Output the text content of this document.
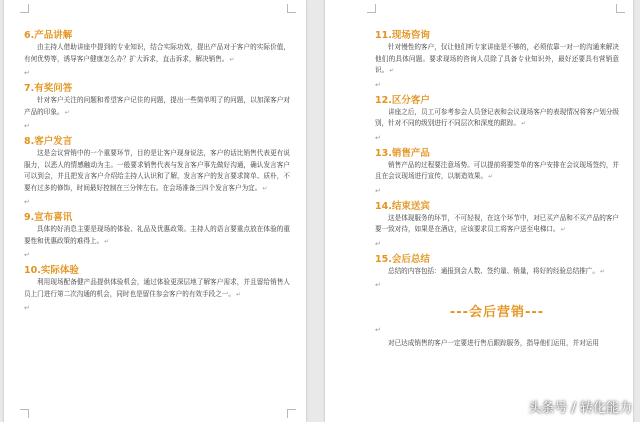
6.产品讲解

由主持人借助讲座中提到的专业知识，结合实际功效，提出产品对于客户的实际价值，有何优势等，诱导客户健康怎么办？扩大诉求，直击诉求，解决销售。↵

↵
7.有奖问答

针对客户关注的问题和希望客户记住的问题，提出一些简单明了的问题，以加深客户对产品的印象。↵

↵
8.客户发言

这是会议营销中的一个重要环节，目的是让客户现身说法，客户的话比销售代表更有说服力，以恶人的情感触动为主。一般要求销售代表与发言客户事先做好沟通，确认发言客户可以到会，并且把发言客户介绍给主持人认识和了解，发言客户的发言要求简单、质朴，不要有过多的修饰，时间最好控制在三分钟左右。在会场准备三四个发言客户为宜。↵

↵
9.宣布喜讯

具体的好消息主要是现场的体验、礼品及优惠政策。主持人的语言要重点放在体验的重要性和优惠政策的难得上。↵

↵
10.实际体验

利用现场配备健产品提供体验机会，通过体验更深层地了解客户需求，并且留给销售人员上门进行第二次沟通的机会，同时也是留住参会客户的有效手段之一。↵

↵
11.现场咨询

针对慢性的客户，仅让他们听专家讲座是不够的，必须依靠一对一的沟通来解决他们的具体问题。要求现场的咨询人员除了具备专业知识外，最好还要具有营销意识。↵

↵
12.区分客户

讲座之后，员工可参考参会人员登记表和会议现场客户的表现情况将客户划分级别，针对不同的级别进行不同层次和深度的跟踪。↵

↵
13.销售产品

销售产品的过程要注意场势。可以提前将要签单的客户安排在会议现场签约，并且在会议现场进行宣传，以制造效果。↵

↵
14.结束送宾

这是体现服务的环节，不可轻视，在这个环节中，对已买产品和不买产品的客户要一致对待，如果是在酒店，应该要求员工将客户送至电梯口。↵

↵
15.会后总结

总结的内容包括：通报到会人数、签约量、销量，将好的经验总结推广。↵

↵

---会后营销---

↵

对已达成销售的客户一定要进行售后跟踪服务，指导他们运用，并对运用

头条号 / 转化能力
